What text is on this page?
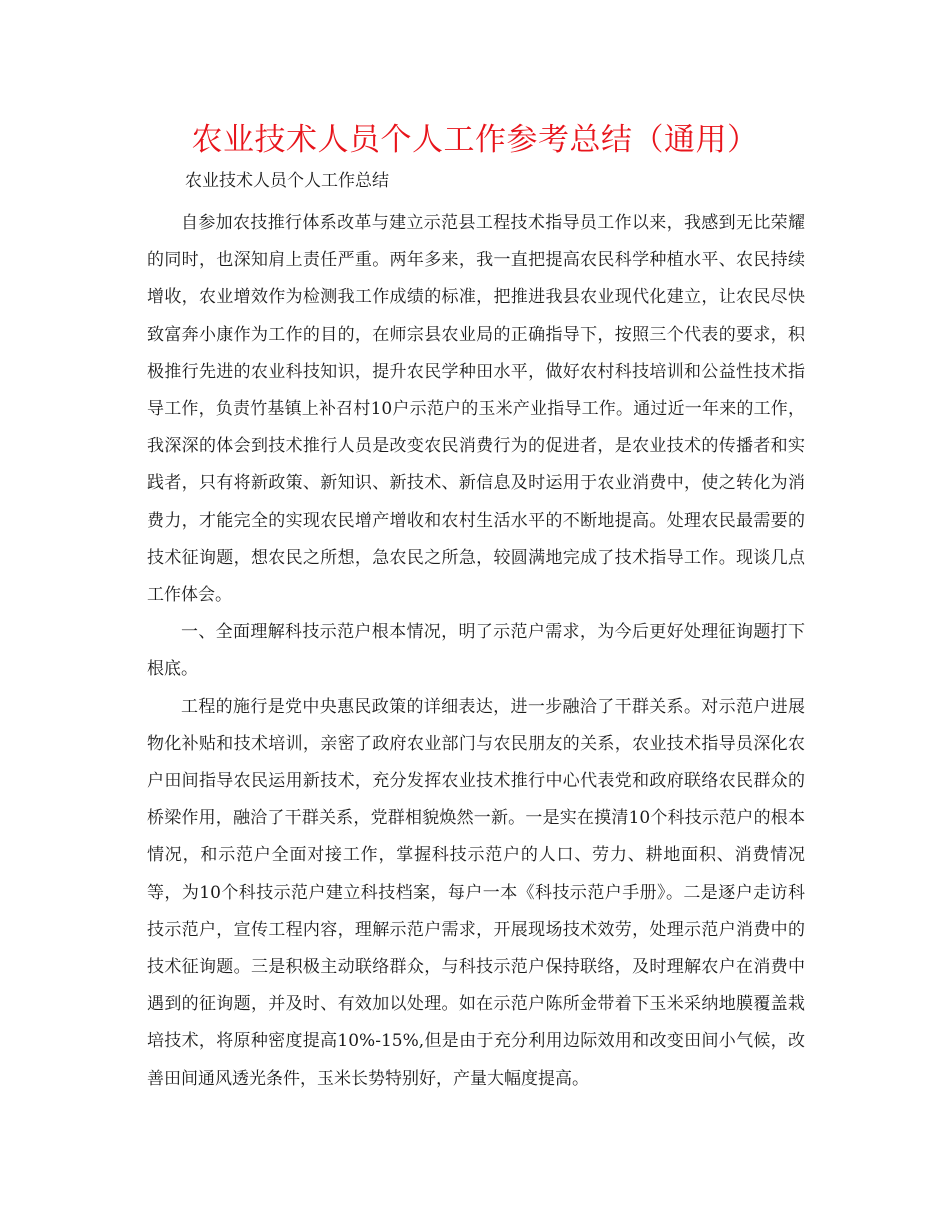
农业技术人员个人工作参考总结（通用）
农业技术人员个人工作总结

自参加农技推行体系改革与建立示范县工程技术指导员工作以来，我感到无比荣耀的同时，也深知肩上责任严重。两年多来，我一直把提高农民科学种植水平、农民持续增收，农业增效作为检测我工作成绩的标准，把推进我县农业现代化建立，让农民尽快致富奔小康作为工作的目的，在师宗县农业局的正确指导下，按照三个代表的要求，积极推行先进的农业科技知识，提升农民学种田水平，做好农村科技培训和公益性技术指导工作，负责竹基镇上补召村10户示范户的玉米产业指导工作。通过近一年来的工作，我深深的体会到技术推行人员是改变农民消费行为的促进者，是农业技术的传播者和实践者，只有将新政策、新知识、新技术、新信息及时运用于农业消费中，使之转化为消费力，才能完全的实现农民增产增收和农村生活水平的不断地提高。处理农民最需要的技术征询题，想农民之所想，急农民之所急，较圆满地完成了技术指导工作。现谈几点工作体会。

一、全面理解科技示范户根本情况，明了示范户需求，为今后更好处理征询题打下根底。

工程的施行是党中央惠民政策的详细表达，进一步融洽了干群关系。对示范户进展物化补贴和技术培训，亲密了政府农业部门与农民朋友的关系，农业技术指导员深化农户田间指导农民运用新技术，充分发挥农业技术推行中心代表党和政府联络农民群众的桥梁作用，融洽了干群关系，党群相貌焕然一新。一是实在摸清10个科技示范户的根本情况，和示范户全面对接工作，掌握科技示范户的人口、劳力、耕地面积、消费情况等，为10个科技示范户建立科技档案，每户一本《科技示范户手册》。二是逐户走访科技示范户，宣传工程内容，理解示范户需求，开展现场技术效劳，处理示范户消费中的技术征询题。三是积极主动联络群众，与科技示范户保持联络，及时理解农户在消费中遇到的征询题，并及时、有效加以处理。如在示范户陈所金带着下玉米采纳地膜覆盖栽培技术，将原种密度提高10%-15%,但是由于充分利用边际效用和改变田间小气候，改善田间通风透光条件，玉米长势特别好，产量大幅度提高。
